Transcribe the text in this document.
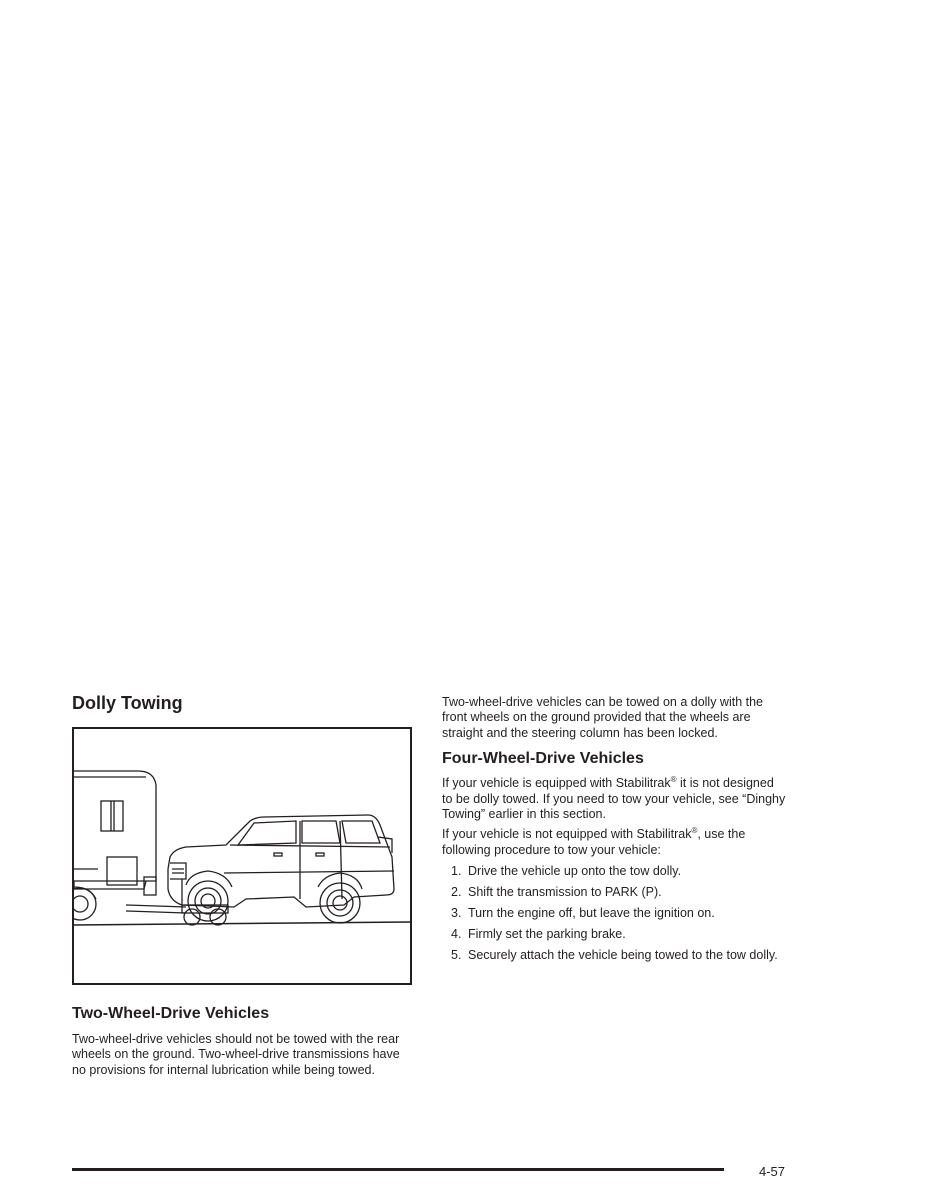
Dolly Towing
Two-Wheel-Drive Vehicles

Two-wheel-drive vehicles should not be towed with the rear wheels on the ground. Two-wheel-drive transmissions have no provisions for internal lubrication while being towed.

Two-wheel-drive vehicles can be towed on a dolly with the front wheels on the ground provided that the wheels are straight and the steering column has been locked.

Four-Wheel-Drive Vehicles

If your vehicle is equipped with Stabilitrak® it is not designed to be dolly towed. If you need to tow your vehicle, see “Dinghy Towing” earlier in this section.

If your vehicle is not equipped with Stabilitrak®, use the following procedure to tow your vehicle:

1. Drive the vehicle up onto the tow dolly.
2. Shift the transmission to PARK (P).
3. Turn the engine off, but leave the ignition on.
4. Firmly set the parking brake.
5. Securely attach the vehicle being towed to the tow dolly.
4-57
